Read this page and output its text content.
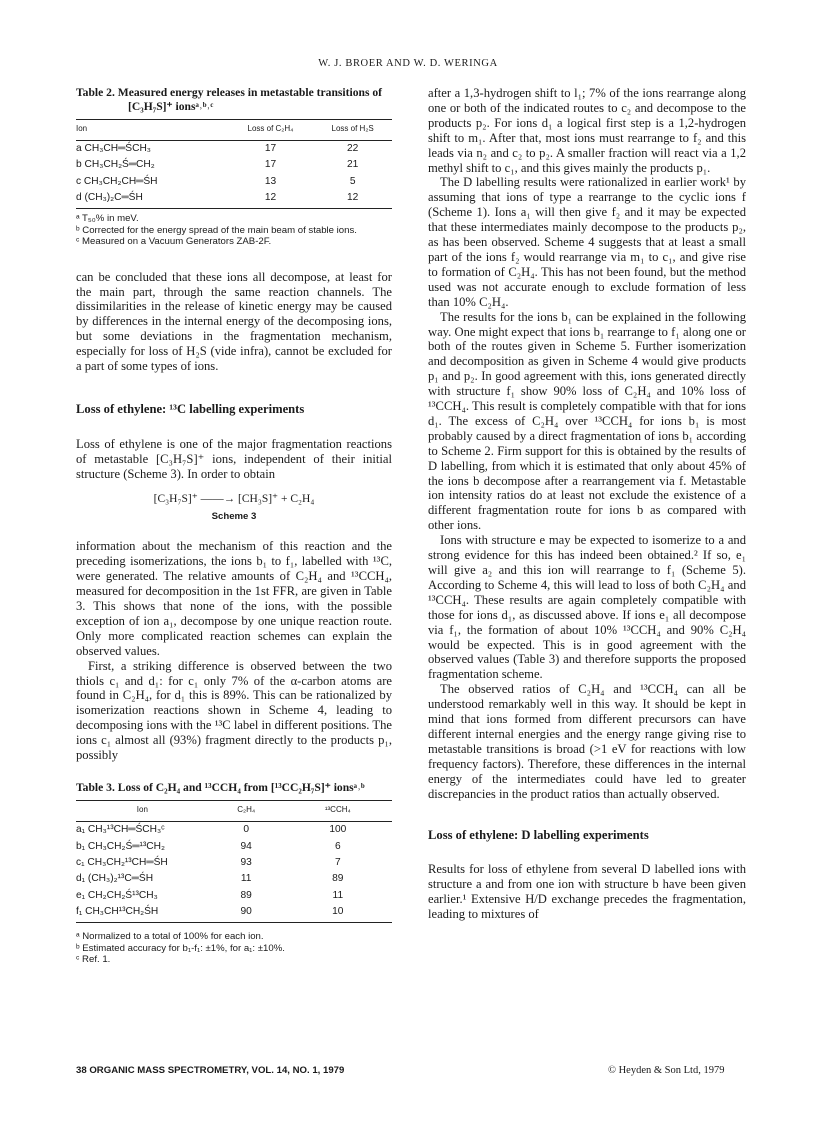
W. J. BROER AND W. D. WERINGA
Table 2. Measured energy releases in metastable transitions of [C₃H₇S]⁺ ionsᵃ˒ᵇ˒ᶜ
Ion	Loss of C₂H₄	Loss of H₂S
a CH₃CH═ŚCH₃	17	22
b CH₃CH₂Ś═CH₂	17	21
c CH₃CH₂CH═ŚH	13	5
d (CH₃)₂C═ŚH	12	12
ᵃ T₅₀% in meV.
ᵇ Corrected for the energy spread of the main beam of stable ions.
ᶜ Measured on a Vacuum Generators ZAB-2F.

can be concluded that these ions all decompose, at least for the main part, through the same reaction channels. The dissimilarities in the release of kinetic energy may be caused by differences in the internal energy of the decomposing ions, but some deviations in the fragmentation mechanism, especially for loss of H₂S (vide infra), cannot be excluded for a part of some types of ions.

Loss of ethylene: ¹³C labelling experiments

Loss of ethylene is one of the major fragmentation reactions of metastable [C₃H₇S]⁺ ions, independent of their initial structure (Scheme 3). In order to obtain

[C₃H₇S]⁺ ——→ [CH₃S]⁺ + C₂H₄
Scheme 3

information about the mechanism of this reaction and the preceding isomerizations, the ions b₁ to f₁, labelled with ¹³C, were generated. The relative amounts of C₂H₄ and ¹³CCH₄, measured for decomposition in the 1st FFR, are given in Table 3. This shows that none of the ions, with the possible exception of ion a₁, decompose by one unique reaction route. Only more complicated reaction schemes can explain the observed values.

First, a striking difference is observed between the two thiols c₁ and d₁: for c₁ only 7% of the α-carbon atoms are found in C₂H₄, for d₁ this is 89%. This can be rationalized by isomerization reactions shown in Scheme 4, leading to decomposing ions with the ¹³C label in different positions. The ions c₁ almost all (93%) fragment directly to the products p₁, possibly

Table 3. Loss of C₂H₄ and ¹³CCH₄ from [¹³CC₂H₇S]⁺ ionsᵃ˒ᵇ
Ion	C₂H₄	¹³CCH₄
a₁ CH₃¹³CH═ŚCH₃ᶜ	0	100
b₁ CH₃CH₂Ś═¹³CH₂	94	6
c₁ CH₃CH₂¹³CH═ŚH	93	7
d₁ (CH₃)₂¹³C═ŚH	11	89
e₁ CH₂CH₂Ś¹³CH₃	89	11
f₁ CH₃CH¹³CH₂ŚH	90	10
ᵃ Normalized to a total of 100% for each ion.
ᵇ Estimated accuracy for b₁-f₁: ±1%, for a₁: ±10%.
ᶜ Ref. 1.

after a 1,3-hydrogen shift to l₁; 7% of the ions rearrange along one or both of the indicated routes to c₂ and decompose to the products p₂. For ions d₁ a logical first step is a 1,2-hydrogen shift to m₁. After that, most ions must rearrange to f₂ and this leads via n₂ and c₂ to p₂. A smaller fraction will react via a 1,2 methyl shift to c₁, and this gives mainly the products p₁.

The D labelling results were rationalized in earlier work¹ by assuming that ions of type a rearrange to the cyclic ions f (Scheme 1). Ions a₁ will then give f₂ and it may be expected that these intermediates mainly decompose to the products p₂, as has been observed. Scheme 4 suggests that at least a small part of the ions f₂ would rearrange via m₁ to c₁, and give rise to formation of C₂H₄. This has not been found, but the method used was not accurate enough to exclude formation of less than 10% C₂H₄.

The results for the ions b₁ can be explained in the following way. One might expect that ions b₁ rearrange to f₁ along one or both of the routes given in Scheme 5. Further isomerization and decomposition as given in Scheme 4 would give products p₁ and p₂. In good agreement with this, ions generated directly with structure f₁ show 90% loss of C₂H₄ and 10% loss of ¹³CCH₄. This result is completely compatible with that for ions d₁. The excess of C₂H₄ over ¹³CCH₄ for ions b₁ is most probably caused by a direct fragmentation of ions b₁ according to Scheme 2. Firm support for this is obtained by the results of D labelling, from which it is estimated that only about 45% of the ions b decompose after a rearrangement via f. Metastable ion intensity ratios do at least not exclude the existence of a different fragmentation route for ions b as compared with other ions.

Ions with structure e may be expected to isomerize to a and strong evidence for this has indeed been obtained.² If so, e₁ will give a₂ and this ion will rearrange to f₁ (Scheme 5). According to Scheme 4, this will lead to loss of both C₂H₄ and ¹³CCH₄. These results are again completely compatible with those for ions d₁, as discussed above. If ions e₁ all decompose via f₁, the formation of about 10% ¹³CCH₄ and 90% C₂H₄ would be expected. This is in good agreement with the observed values (Table 3) and therefore supports the proposed fragmentation scheme.

The observed ratios of C₂H₄ and ¹³CCH₄ can all be understood remarkably well in this way. It should be kept in mind that ions formed from different precursors can have different internal energies and the energy range giving rise to metastable transitions is broad (>1 eV for reactions with low frequency factors). Therefore, these differences in the internal energy of the intermediates could have led to greater discrepancies in the product ratios than actually observed.

Loss of ethylene: D labelling experiments

Results for loss of ethylene from several D labelled ions with structure a and from one ion with structure b have been given earlier.¹ Extensive H/D exchange precedes the fragmentation, leading to mixtures of

38 ORGANIC MASS SPECTROMETRY, VOL. 14, NO. 1, 1979	© Heyden & Son Ltd, 1979
